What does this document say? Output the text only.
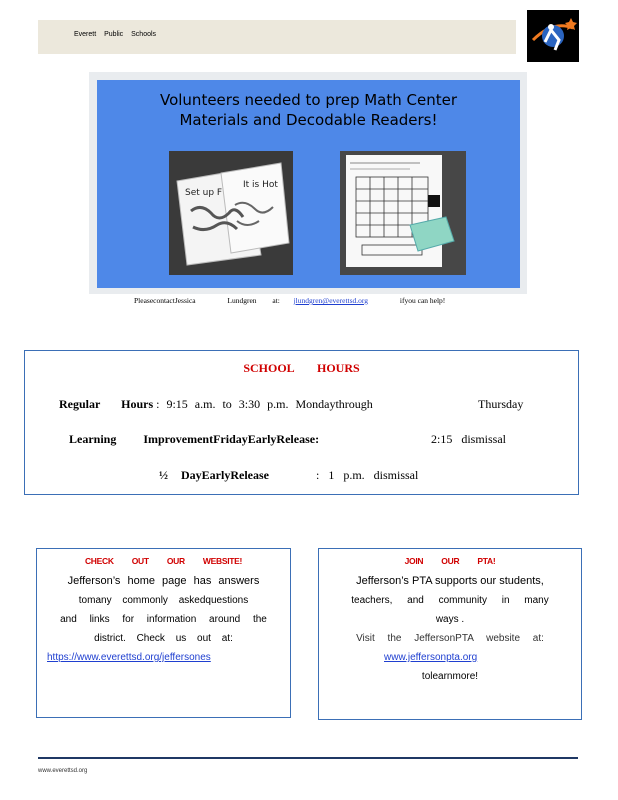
Everett Public Schools
Volunteers needed to prep Math Center
Materials and Decodable Readers!
Set up F
It is Hot
PleasecontactJessica	Lundgren at: jlundgren@everettsd.org	ifyou can help!
SCHOOL HOURS
Regular Hours : 9:15 a.m. to 3:30 p.m. Mondaythrough	Thursday
Learning ImprovementFridayEarlyRelease:	2:15 dismissal
½ DayEarlyRelease	: 1 p.m. dismissal
CHECK OUT OUR WEBSITE!
Jefferson’s home page has answers
tomany commonly askedquestions
and links for information around the
district. Check us out at:
https://www.everettsd.org/jeffersones
JOIN OUR PTA!
Jefferson’s PTA supports our students,
teachers, and community in many
ways .
Visit the JeffersonPTA website at:
www.jeffersonpta.org
tolearnmore!
www.everettsd.org
